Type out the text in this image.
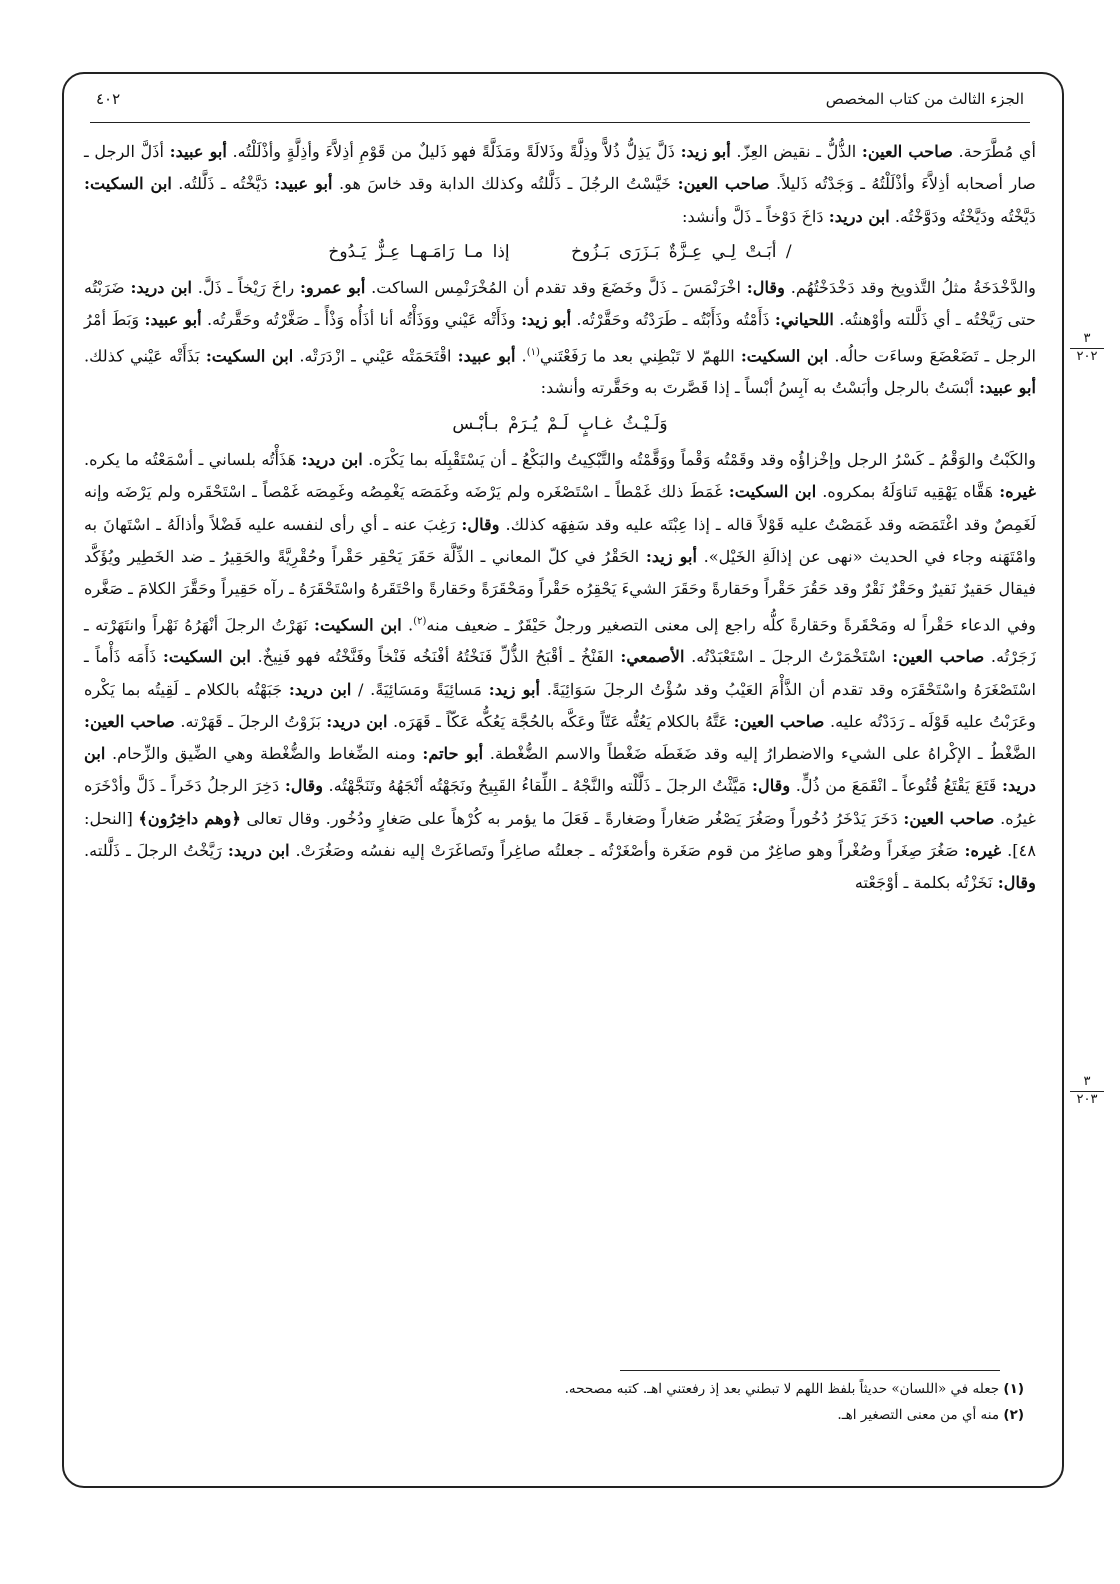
الجزء الثالث من كتاب المخصص
٤٠٢
٣
٢٠٢
٣
٢٠٣

أي مُطَّرَحة. صاحب العين: الذُّلُّ ـ نقيض العِزّ. أبو زيد: ذَلَّ يَذِلُّ ذُلاًّ وذِلَّةً وذَلالَةً ومَذَلَّةً فهو ذَليلٌ من قَوْمِ أذِلاَّءَ وأذِلَّةٍ وأذْلَلْتُه. أبو عبيد: أذَلَّ الرجل ـ صار أصحابه أذِلاَّءَ وأذْلَلْتُهُ ـ وَجَدْتُه ذَليلاً. صاحب العين: خَيَّسْتُ الرجُلَ ـ ذَلَّلتُه وكذلك الدابة وقد خاسَ هو. أبو عبيد: دَيَّخْتُه ـ ذَلَّلتُه. ابن السكيت: دَيَّخْتُه ودَيَّخْتُه ودَوَّخْتُه. ابن دريد: دَاخَ دَوْخاً ـ ذَلَّ وأنشد:

/ أبَـتْ لِـي عِـزَّةٌ بَـزَرَى بَـزُوخ إذا مـا رَامَـهـا عِـزٌّ يَـدُوخ

والدَّخْدَخَةُ مثلُ التَّذويخ وقد دَخْدَخْتُهُم. وقال: اخْرَنْمَسَ ـ ذَلَّ وخَضَعَ وقد تقدم أن المُخْرَنْمِس الساكت. أبو عمرو: راخَ رَيْخاً ـ ذَلَّ. ابن دريد: ضَرَبْتُه حتى رَيَّخْتُه ـ أي ذَلَّلته وأوْهنتُه. اللحياني: ذَأَمْتُه وذَأَبْتُه ـ طَرَدْتُه وحَقَّرْتُه. أبو زيد: وذَأَتْه عَيْني ووَذَأْتُه أنا أذَأُه وَذْأً ـ صَغَّرْتُه وحَقَّرتُه. أبو عبيد: وَبَطَ أمْرُ الرجل ـ تَضَعْضَعَ وساءَت حالُه. ابن السكيت: اللهمّ لا تَبْطِني بعد ما رَفَعْتَني$^{(١)}$. أبو عبيد: اقْتَحَمَتْه عَيْني ـ ازْدَرَتْه. ابن السكيت: بَذَأَتْه عَيْني كذلك. أبو عبيد: أبْسَتُ بالرجل وأبَسْتُ به آبِسُ أبْساً ـ إذا قَصَّرتَ به وحَقَّرته وأنشد:

وَلَـيْـثُ غـابٍ لَـمْ يُـرَمْ بـأبْـس

والكَبْتُ والوَقْمُ ـ كَسْرُ الرجل وإخْزاؤُه وقد وقَمْتُه وَقْماً ووَقَّمْتُه والتَّبْكِيتُ والبَكْعُ ـ أن يَسْتَقْبِلَه بما يَكْرَه. ابن دريد: هَذَأْتُه بلساني ـ أسْمَعْتُه ما يكره. غيره: هَقَّاه يَهْقِيه تَناوَلَهُ بمكروه. ابن السكيت: غَمَطَ ذلك غَمْطاً ـ اسْتَصْغَره ولم يَرْضَه وغَمَصَه يَغْمِصُه وغَمِصَه غَمْصاً ـ اسْتَحْقَره ولم يَرْضَه وإنه لَغَمِصٌ وقد اغْتَمَصَه وقد غَمَصْتُ عليه قَوْلاً قاله ـ إذا عِبْتَه عليه وقد سَفِهَه كذلك. وقال: رَغِبَ عنه ـ أي رأى لنفسه عليه فَضْلاً وأذالَهُ ـ اسْتَهانَ به وامْتَهَنه وجاء في الحديث «نهى عن إذالَةِ الخَيْل». أبو زيد: الحَقْرُ في كلّ المعاني ـ الذِّلَّة حَقَرَ يَحْقِر حَقْراً وحُقْرِيَّةً والحَقِيرُ ـ ضد الخَطِير ويُؤَكَّد فيقال حَقيرٌ نَقيرٌ وحَقْرٌ نَقْرٌ وقد حَقُرَ حَقْراً وحَقارةً وحَقَرَ الشيءَ يَحْقِرُه حَقْراً ومَحْقَرَةً وحَقارةً واحْتَقَرهُ واسْتَحْقَرَهُ ـ رآه حَقِيراً وحَقَّرَ الكلامَ ـ صَغَّره وفي الدعاء حَقْراً له ومَحْقَرةً وحَقارةً كلُّه راجع إلى معنى التصغير ورجلٌ حَيْقَرٌ ـ ضعيف منه$^{(٢)}$. ابن السكيت: نَهَرْتُ الرجلَ أنْهَرُهُ نَهْراً وانتَهَرْته ـ زَجَرْتُه. صاحب العين: اسْتَخْمَرْتُ الرجلَ ـ اسْتَعْبَدْتُه. الأصمعي: الفَنْخُ ـ أقْبَحُ الذُّلِّ فَنَخْتُهُ أفْنَخُه فَنْخاً وفَنَّخْتُه فهو فَنِيخٌ. ابن السكيت: ذَأَمَه ذَأْماً ـ اسْتَصْغَرَهُ واسْتَحْقَرَه وقد تقدم أن الذَّأْمَ العَيْبُ وقد سُؤْتُ الرجلَ سَوَائِيَةً. أبو زيد: مَسائِيَةً ومَسَائِيَةً. / ابن دريد: جَبَهْتُه بالكلام ـ لَقِيتُه بما يَكْره وعَرَبْتُ عليه قَوْلَه ـ رَدَدْتُه عليه. صاحب العين: عَتَّهُ بالكلام يَعُتُّه عَتّاً وعَكَّه بالحُجَّة يَعُكُّه عَكّاً ـ قَهَرَه. ابن دريد: بَزَوْتُ الرجلَ ـ قَهَرْته. صاحب العين: الضَّغْطُ ـ الإكْراهُ على الشيء والاضطرارُ إليه وقد ضَغَطَه ضَغْطاً والاسم الضُّغْطة. أبو حاتم: ومنه الضِّغاط والضُّغْطة وهي الضِّيق والزِّحام. ابن دريد: قَتَعَ يَقْتَعُ قُتُوعاً ـ انْقَمَعَ من ذُلٍّ. وقال: مَيَّثْتُ الرجلَ ـ ذَلَّلْته والنَّجْهُ ـ اللِّقاءُ القَبِيحُ ونَجَهْتُه أنْجَهُهُ وتَنَجَّهْتُه. وقال: دَخِرَ الرجلُ دَخَراً ـ ذَلَّ وأدْخَرَه غيرُه. صاحب العين: دَخَرَ يَدْخَرُ دُخُوراً وصَغُرَ يَصْغُر صَغاراً وصَغارةً ـ فَعَلَ ما يؤمر به كُرْهاً على صَغارٍ ودُخُور. وقال تعالى ﴿وهم داخِرُون﴾ [النحل: ٤٨]. غيره: صَغُرَ صِغَراً وصُغْراً وهو صاغِرٌ من قوم صَغَرة وأصْغَرْتُه ـ جعلتُه صاغِراً وتَصاغَرَتْ إليه نفسُه وصَغُرَتْ. ابن دريد: رَيَّخْتُ الرجلَ ـ ذَلَّلته. وقال: نَخَزْتُه بكلمة ـ أوْجَعْته

(١) جعله في «اللسان» حديثاً بلفظ اللهم لا تبطني بعد إذ رفعتني اهـ. كتبه مصححه.
(٢) منه أي من معنى التصغير اهـ.
